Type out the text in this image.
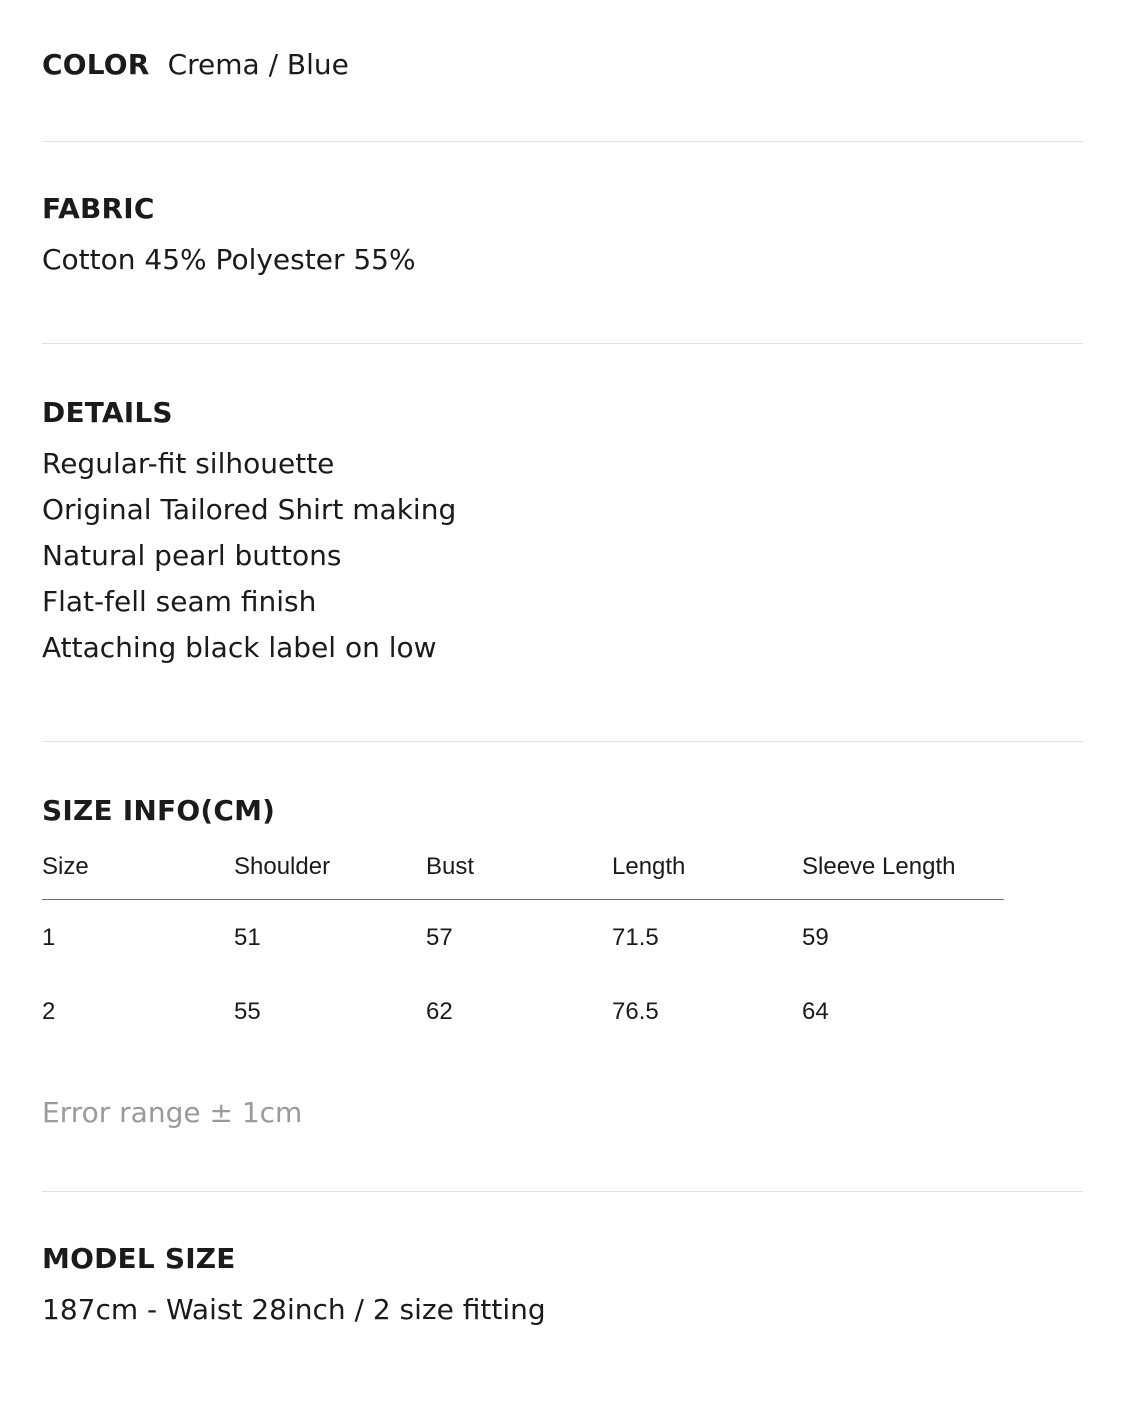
COLOR Crema / Blue
FABRIC
Cotton 45% Polyester 55%
DETAILS
Regular-fit silhouette
Original Tailored Shirt making
Natural pearl buttons
Flat-fell seam finish
Attaching black label on low
SIZE INFO(CM)
Size	Shoulder	Bust	Length	Sleeve Length
1	51	57	71.5	59
2	55	62	76.5	64
Error range ± 1cm
MODEL SIZE
187cm - Waist 28inch / 2 size fitting
